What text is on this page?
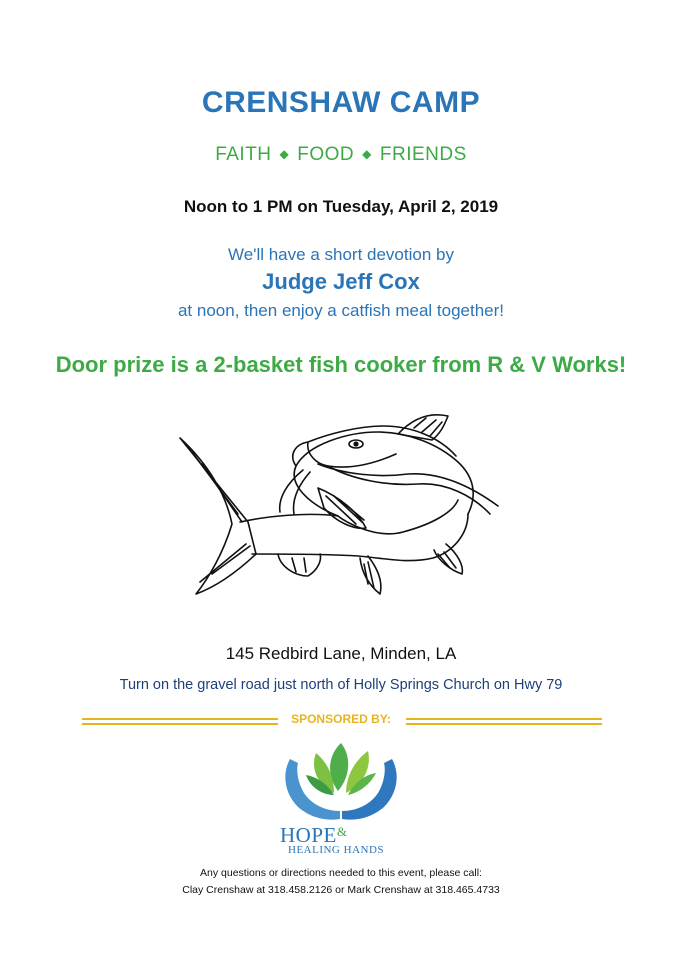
CRENSHAW CAMP
FAITH ◆ FOOD ◆ FRIENDS
Noon to 1 PM on Tuesday, April 2, 2019
We'll have a short devotion by
Judge Jeff Cox
at noon, then enjoy a catfish meal together!
Door prize is a 2-basket fish cooker from R & V Works!
145 Redbird Lane, Minden, LA
Turn on the gravel road just north of Holly Springs Church on Hwy 79
SPONSORED BY:
HOPE&
HEALING HANDS
Any questions or directions needed to this event, please call:
Clay Crenshaw at 318.458.2126 or Mark Crenshaw at 318.465.4733
